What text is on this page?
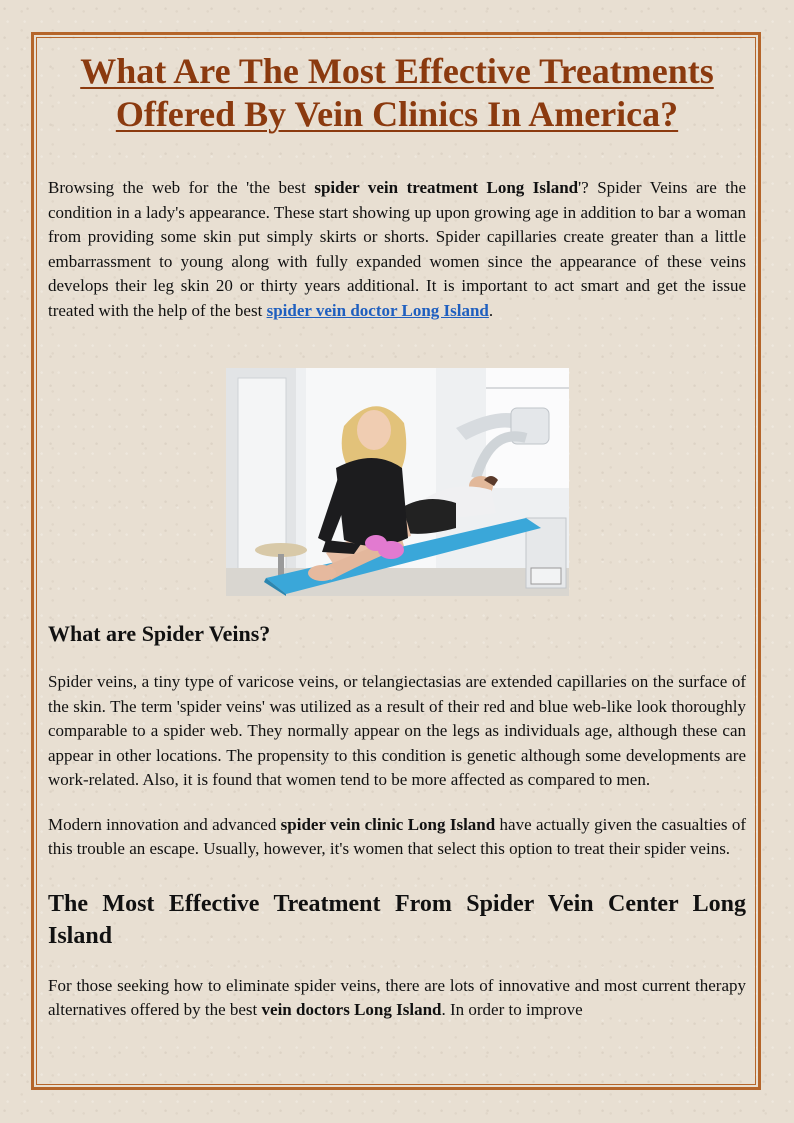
What Are The Most Effective Treatments Offered By Vein Clinics In America?

Browsing the web for the 'the best spider vein treatment Long Island'? Spider Veins are the condition in a lady's appearance. These start showing up upon growing age in addition to bar a woman from providing some skin put simply skirts or shorts. Spider capillaries create greater than a little embarrassment to young along with fully expanded women since the appearance of these veins develops their leg skin 20 or thirty years additional. It is important to act smart and get the issue treated with the help of the best spider vein doctor Long Island.

What are Spider Veins?

Spider veins, a tiny type of varicose veins, or telangiectasias are extended capillaries on the surface of the skin. The term 'spider veins' was utilized as a result of their red and blue web-like look thoroughly comparable to a spider web. They normally appear on the legs as individuals age, although these can appear in other locations. The propensity to this condition is genetic although some developments are work-related. Also, it is found that women tend to be more affected as compared to men.

Modern innovation and advanced spider vein clinic Long Island have actually given the casualties of this trouble an escape. Usually, however, it's women that select this option to treat their spider veins.

The Most Effective Treatment From Spider Vein Center Long Island

For those seeking how to eliminate spider veins, there are lots of innovative and most current therapy alternatives offered by the best vein doctors Long Island. In order to improve
